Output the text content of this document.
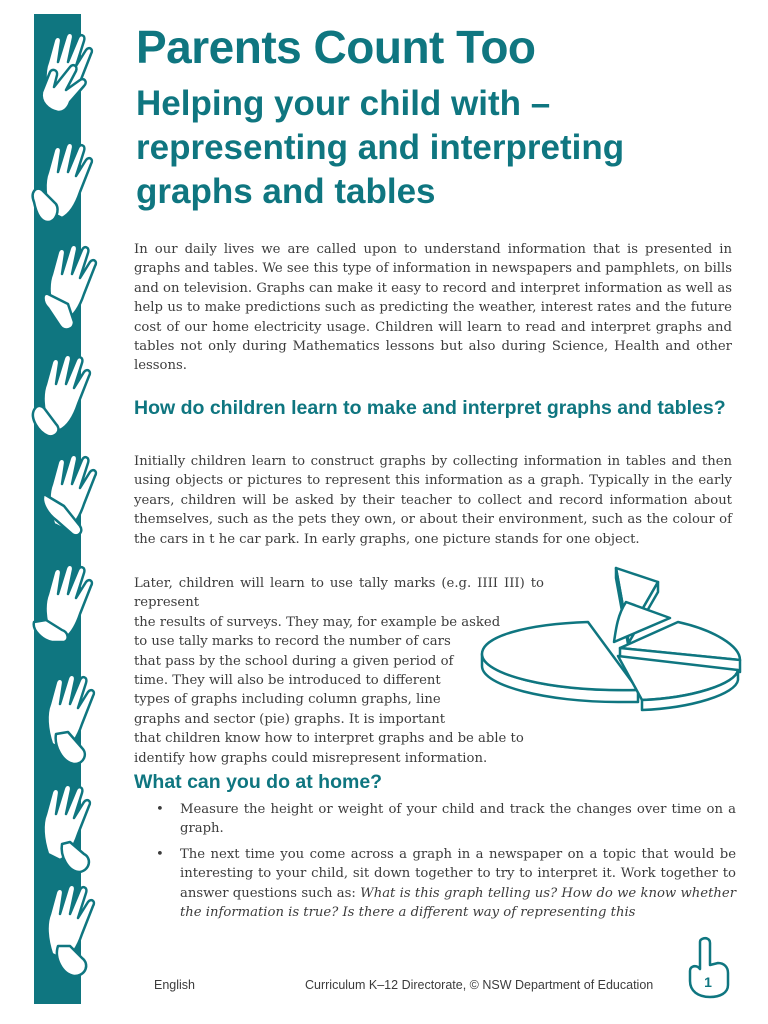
Parents Count Too
Helping your child with – representing and interpreting graphs and tables

In our daily lives we are called upon to understand information that is presented in graphs and tables. We see this type of information in newspapers and pamphlets, on bills and on television. Graphs can make it easy to record and interpret information as well as help us to make predictions such as predicting the weather, interest rates and the future cost of our home electricity usage. Children will learn to read and interpret graphs and tables not only during Mathematics lessons but also during Science, Health and other lessons.

How do children learn to make and interpret graphs and tables?

Initially children learn to construct graphs by collecting information in tables and then using objects or pictures to represent this information as a graph. Typically in the early years, children will be asked by their teacher to collect and record information about themselves, such as the pets they own, or about their environment, such as the colour of the cars in t he car park. In early graphs, one picture stands for one object.

Later, children will learn to use tally marks (e.g. IIII III) to represent
the results of surveys. They may, for example be asked
to use tally marks to record the number of cars
that pass by the school during a given period of
time. They will also be introduced to different
types of graphs including column graphs, line
graphs and sector (pie) graphs. It is important
that children know how to interpret graphs and be able to
identify how graphs could misrepresent information.
What can you do at home?
• Measure the height or weight of your child and track the changes over time on a graph.
• The next time you come across a graph in a newspaper on a topic that would be interesting to your child, sit down together to try to interpret it. Work together to answer questions such as: What is this graph telling us? How do we know whether the information is true? Is there a different way of representing this
English	Curriculum K–12 Directorate, © NSW Department of Education	1
